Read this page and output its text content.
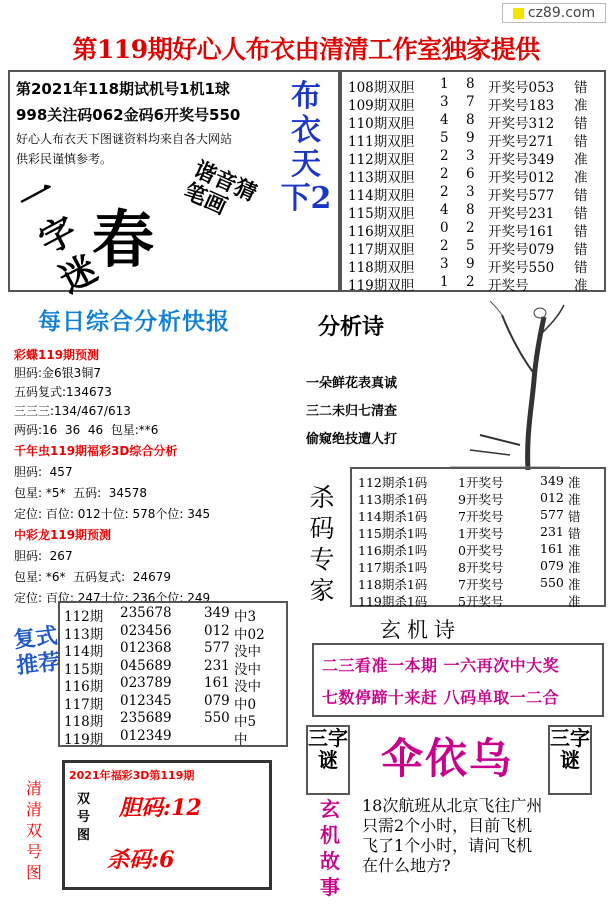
cz89.com
第119期好心人布衣由清清工作室独家提供
第2021年118期试机号1机1球
998关注码062金码6开奖号550
好心人布衣天下图谜资料均来自各大网站
供彩民谨慎参考。
一字迷
春
谐音猜笔画
布衣天下2
108期双胆 1 8 开奖号053 错
109期双胆 3 7 开奖号183 准
110期双胆 4 8 开奖号312 错
111期双胆 5 9 开奖号271 错
112期双胆 2 3 开奖号349 准
113期双胆 2 6 开奖号012 准
114期双胆 2 3 开奖号577 错
115期双胆 4 8 开奖号231 错
116期双胆 0 2 开奖号161 错
117期双胆 2 5 开奖号079 错
118期双胆 3 9 开奖号550 错
119期双胆 1 2 开奖号	准
每日综合分析快报
彩蝶119期预测
胆码:金6银3铜7
五码复式:134673
三三三:134/467/613
两码:16  36  46  包星:**6
千年虫119期福彩3D综合分析
胆码:  457
包星: *5*  五码:  34578
定位: 百位: 012十位: 578个位: 345
中彩龙119期预测
胆码:  267
包星: *6*  五码复式:  24679
定位: 百位: 247十位: 236个位: 249
分析诗
一朵鲜花表真诚
三二未归七清查
偷窥绝技遭人打
杀码专家
112期杀1码 1开奖号	349 准
113期杀1码 9开奖号	012 准
114期杀1码 7开奖号	577 错
115期杀1吗 1开奖号	231 错
116期杀1吗 0开奖号	161 准
117期杀1吗 8开奖号	079 准
118期杀1码 7开奖号	550 准
119期杀1码 5开奖号	准
玄机诗
二三看准一本期 一六再次中大奖
七数停蹄十来赶 八码单取一二合
复式推荐
112期 235678 349 中3
113期 023456 012 中02
114期 012368 577 没中
115期 045689 231 没中
116期 023789 161 没中
117期 012345 079 中0
118期 235689 550 中5
119期 012349	中	三字谜	伞依乌	三字谜
玄机故事
18次航班从北京飞往广州
只需2个小时，目前飞机
飞了1个小时，请问飞机
在什么地方?
清清双号图
2021年福彩3D第119期
双号图
胆码:12
杀码:6
